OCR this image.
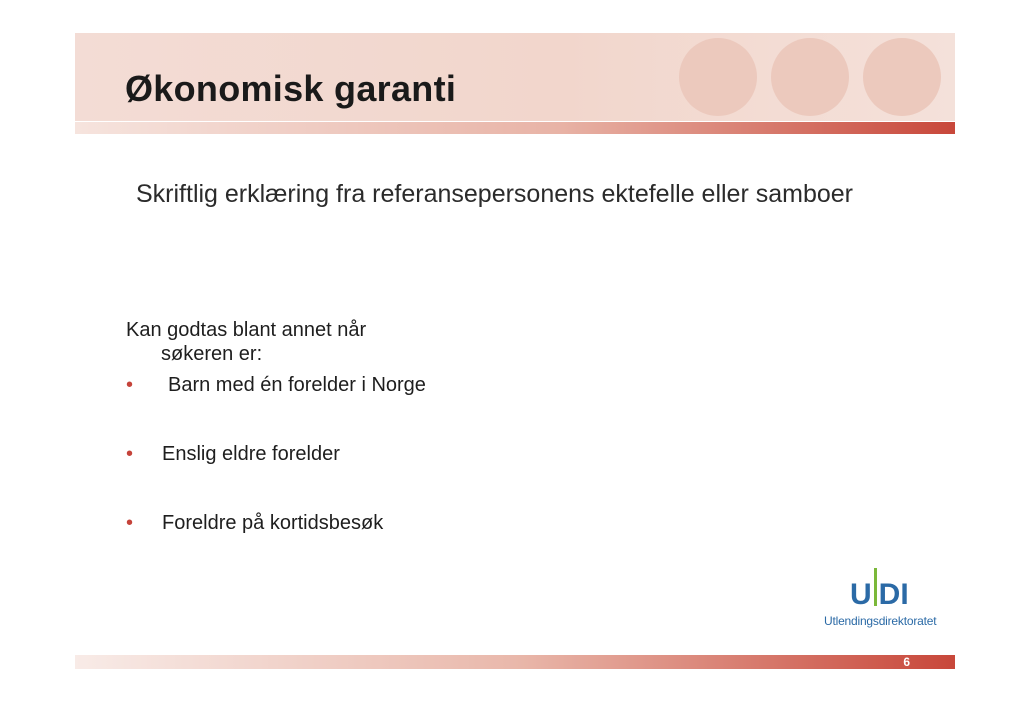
Økonomisk garanti
Skriftlig erklæring fra referansepersonens ektefelle eller samboer

Kan godtas blant annet når
søkeren er:

• Barn med én forelder i Norge

• Enslig eldre forelder

• Foreldre på kortidsbesøk

U DI
Utlendingsdirektoratet
6
